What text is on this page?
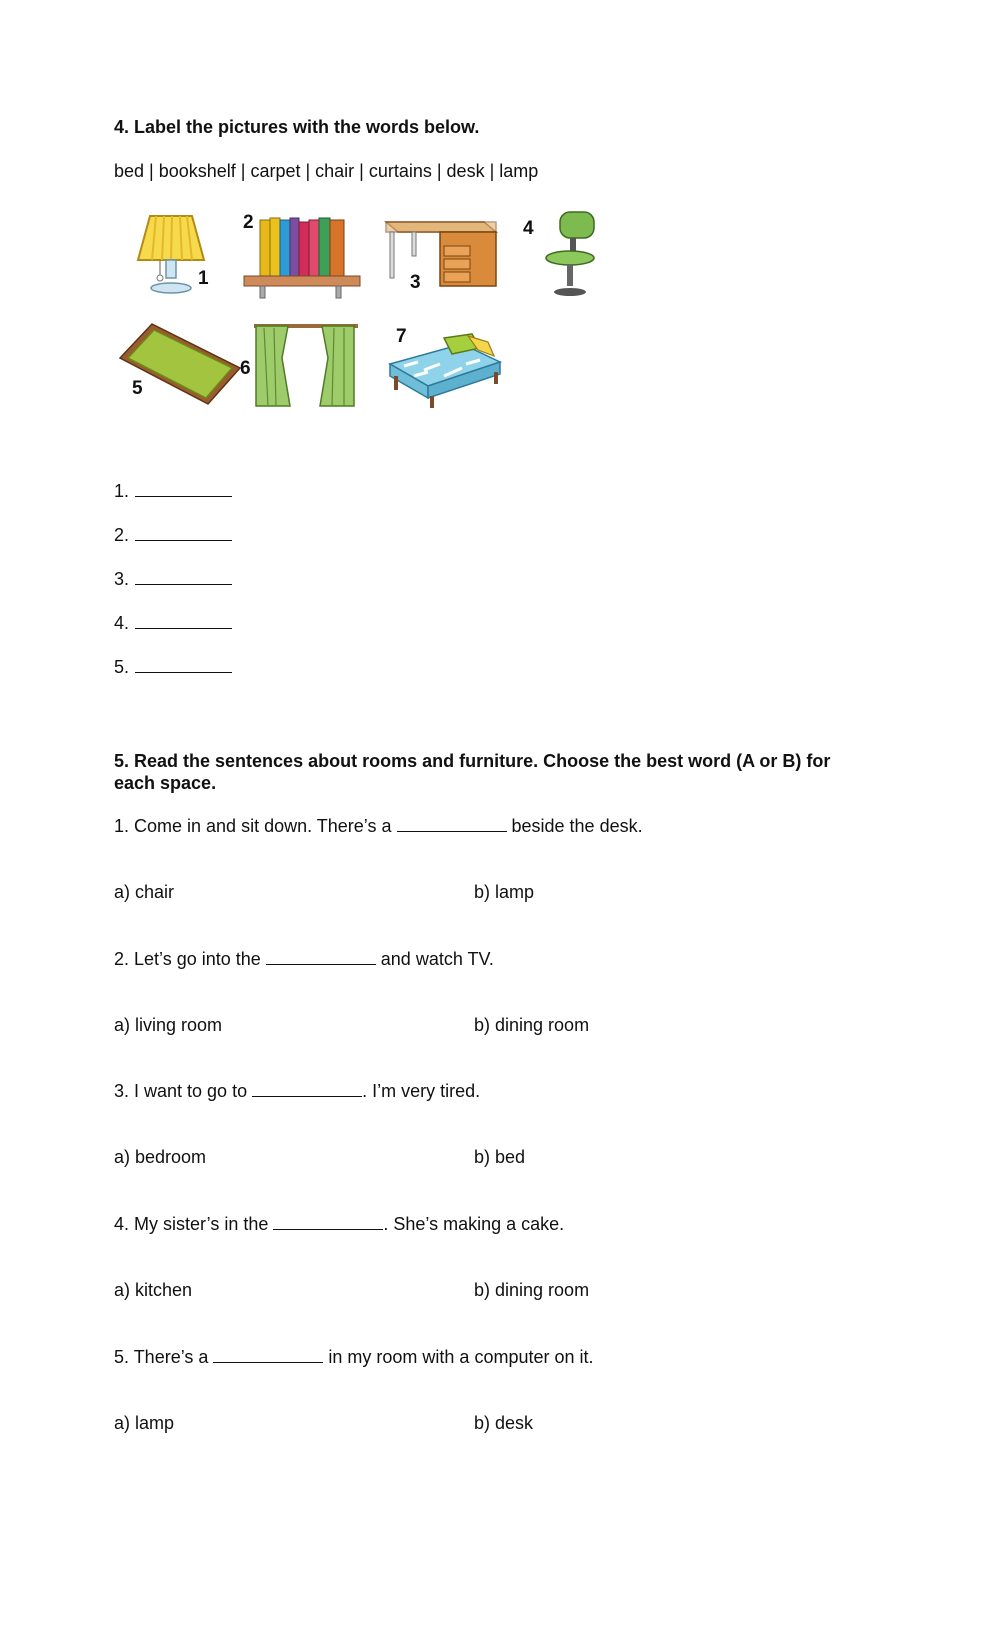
4. Label the pictures with the words below.
bed | bookshelf | carpet | chair | curtains | desk | lamp
1
2
3
4
5
6
7
1.
2.
3.
4.
5.
5. Read the sentences about rooms and furniture. Choose the best word (A or B) for each space.
1. Come in and sit down. There’s a	beside the desk.
a) chair	b) lamp
2. Let’s go into the	and watch TV.
a) living room	b) dining room
3. I want to go to	. I’m very tired.
a) bedroom	b) bed
4. My sister’s in the	. She’s making a cake.
a) kitchen	b) dining room
5. There’s a	in my room with a computer on it.
a) lamp	b) desk
